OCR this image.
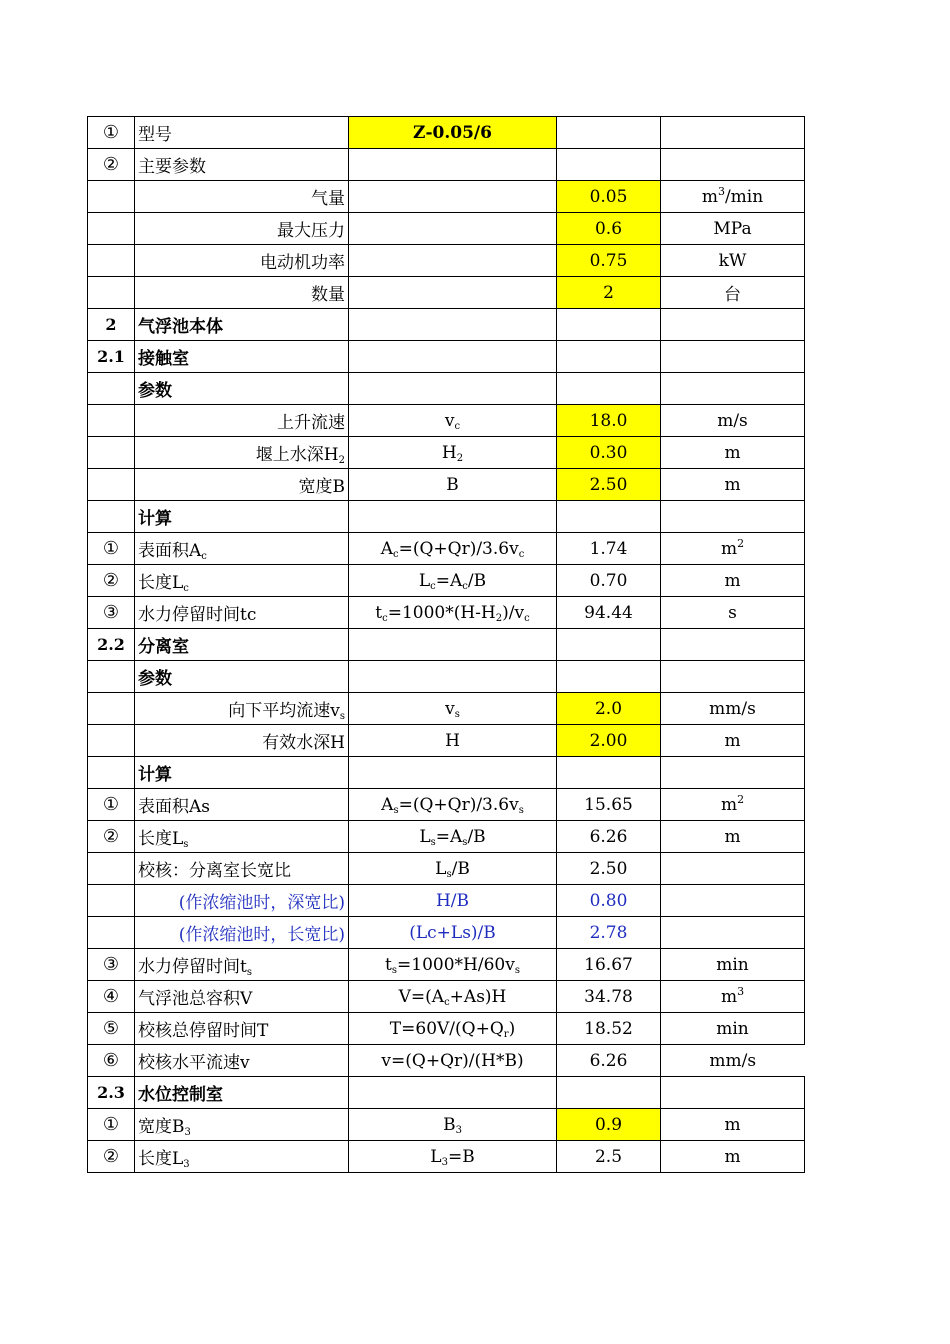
①	型号	Z-0.05/6		
②	主要参数			
	气量		0.05	$m^3/\min$
	最大压力		0.6	MPa
	电动机功率		0.75	kW
	数量		2	台
2	气浮池本体			
2.1	接触室			
	参数			
	上升流速	$v_c$	18.0	m/s
	堰上水深$H_2$	$H_2$	0.30	m
	宽度B	B	2.50	m
	计算			
①	表面积$A_c$	$A_c=(Q+Qr)/3.6v_c$	1.74	$m^2$
②	长度$L_c$	$L_c=A_c/B$	0.70	m
③	水力停留时间tc	$t_c=1000*(H-H_2)/v_c$	94.44	s
2.2	分离室			
	参数			
	向下平均流速$v_s$	$v_s$	2.0	mm/s
	有效水深H	H	2.00	m
	计算			
①	表面积As	$A_s=(Q+Qr)/3.6v_s$	15.65	$m^2$
②	长度$L_s$	$L_s=A_s/B$	6.26	m
	校核：分离室长宽比	$L_s/B$	2.50	
	(作浓缩池时，深宽比)	H/B	0.80	
	(作浓缩池时，长宽比)	(Lc+Ls)/B	2.78	
③	水力停留时间$t_s$	$t_s=1000*H/60v_s$	16.67	min
④	气浮池总容积V	$V=(A_c+As)H$	34.78	$m^3$
⑤	校核总停留时间T	$T=60V/(Q+Q_r)$	18.52	min
⑥	校核水平流速v	v=(Q+Qr)/(H*B)	6.26	mm/s
2.3	水位控制室			
①	宽度$B_3$	$B_3$	0.9	m
②	长度$L_3$	$L_3=B$	2.5	m
